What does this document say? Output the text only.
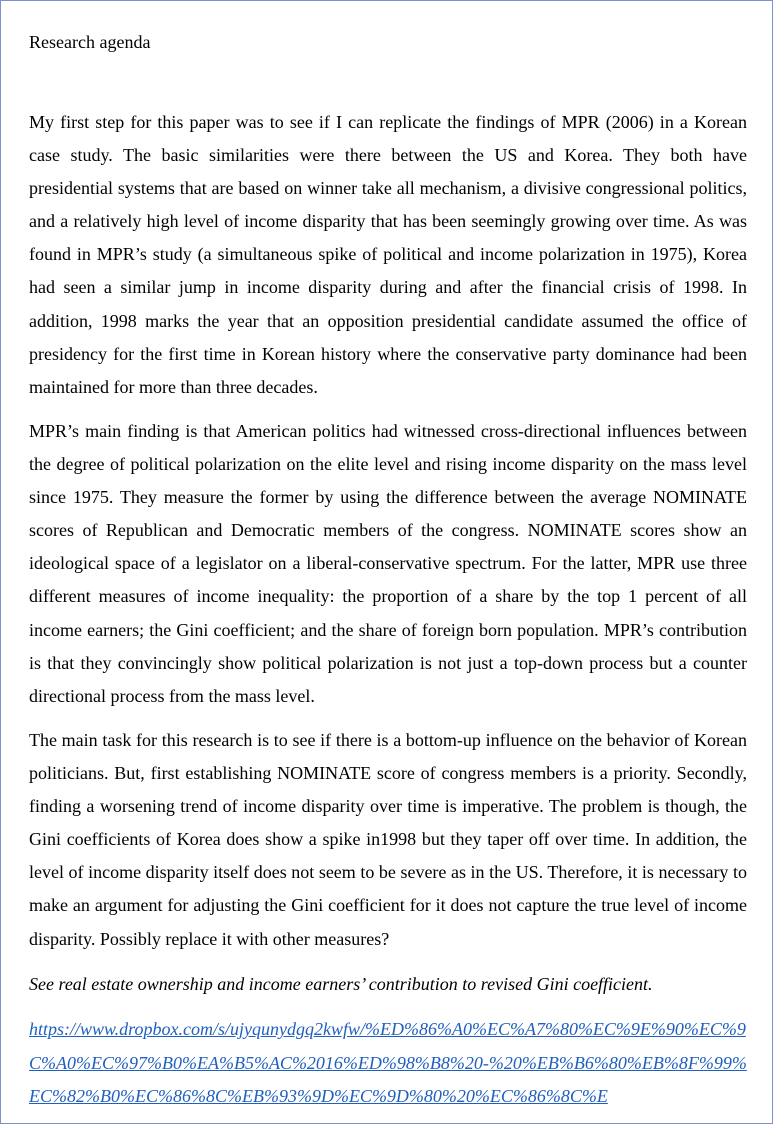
Research agenda

My first step for this paper was to see if I can replicate the findings of MPR (2006) in a Korean case study. The basic similarities were there between the US and Korea. They both have presidential systems that are based on winner take all mechanism, a divisive congressional politics, and a relatively high level of income disparity that has been seemingly growing over time. As was found in MPR’s study (a simultaneous spike of political and income polarization in 1975), Korea had seen a similar jump in income disparity during and after the financial crisis of 1998. In addition, 1998 marks the year that an opposition presidential candidate assumed the office of presidency for the first time in Korean history where the conservative party dominance had been maintained for more than three decades.

MPR’s main finding is that American politics had witnessed cross-directional influences between the degree of political polarization on the elite level and rising income disparity on the mass level since 1975. They measure the former by using the difference between the average NOMINATE scores of Republican and Democratic members of the congress. NOMINATE scores show an ideological space of a legislator on a liberal-conservative spectrum. For the latter, MPR use three different measures of income inequality: the proportion of a share by the top 1 percent of all income earners; the Gini coefficient; and the share of foreign born population. MPR’s contribution is that they convincingly show political polarization is not just a top-down process but a counter directional process from the mass level.

The main task for this research is to see if there is a bottom-up influence on the behavior of Korean politicians. But, first establishing NOMINATE score of congress members is a priority. Secondly, finding a worsening trend of income disparity over time is imperative. The problem is though, the Gini coefficients of Korea does show a spike in1998 but they taper off over time. In addition, the level of income disparity itself does not seem to be severe as in the US. Therefore, it is necessary to make an argument for adjusting the Gini coefficient for it does not capture the true level of income disparity. Possibly replace it with other measures?

See real estate ownership and income earners’ contribution to revised Gini coefficient.

https://www.dropbox.com/s/ujyqunydgq2kwfw/%ED%86%A0%EC%A7%80%EC%9E%90%EC%9C%A0%EC%97%B0%EA%B5%AC%2016%ED%98%B8%20-%20%EB%B6%80%EB%8F%99%EC%82%B0%EC%86%8C%EB%93%9D%EC%9D%80%20%EC%86%8C%E
